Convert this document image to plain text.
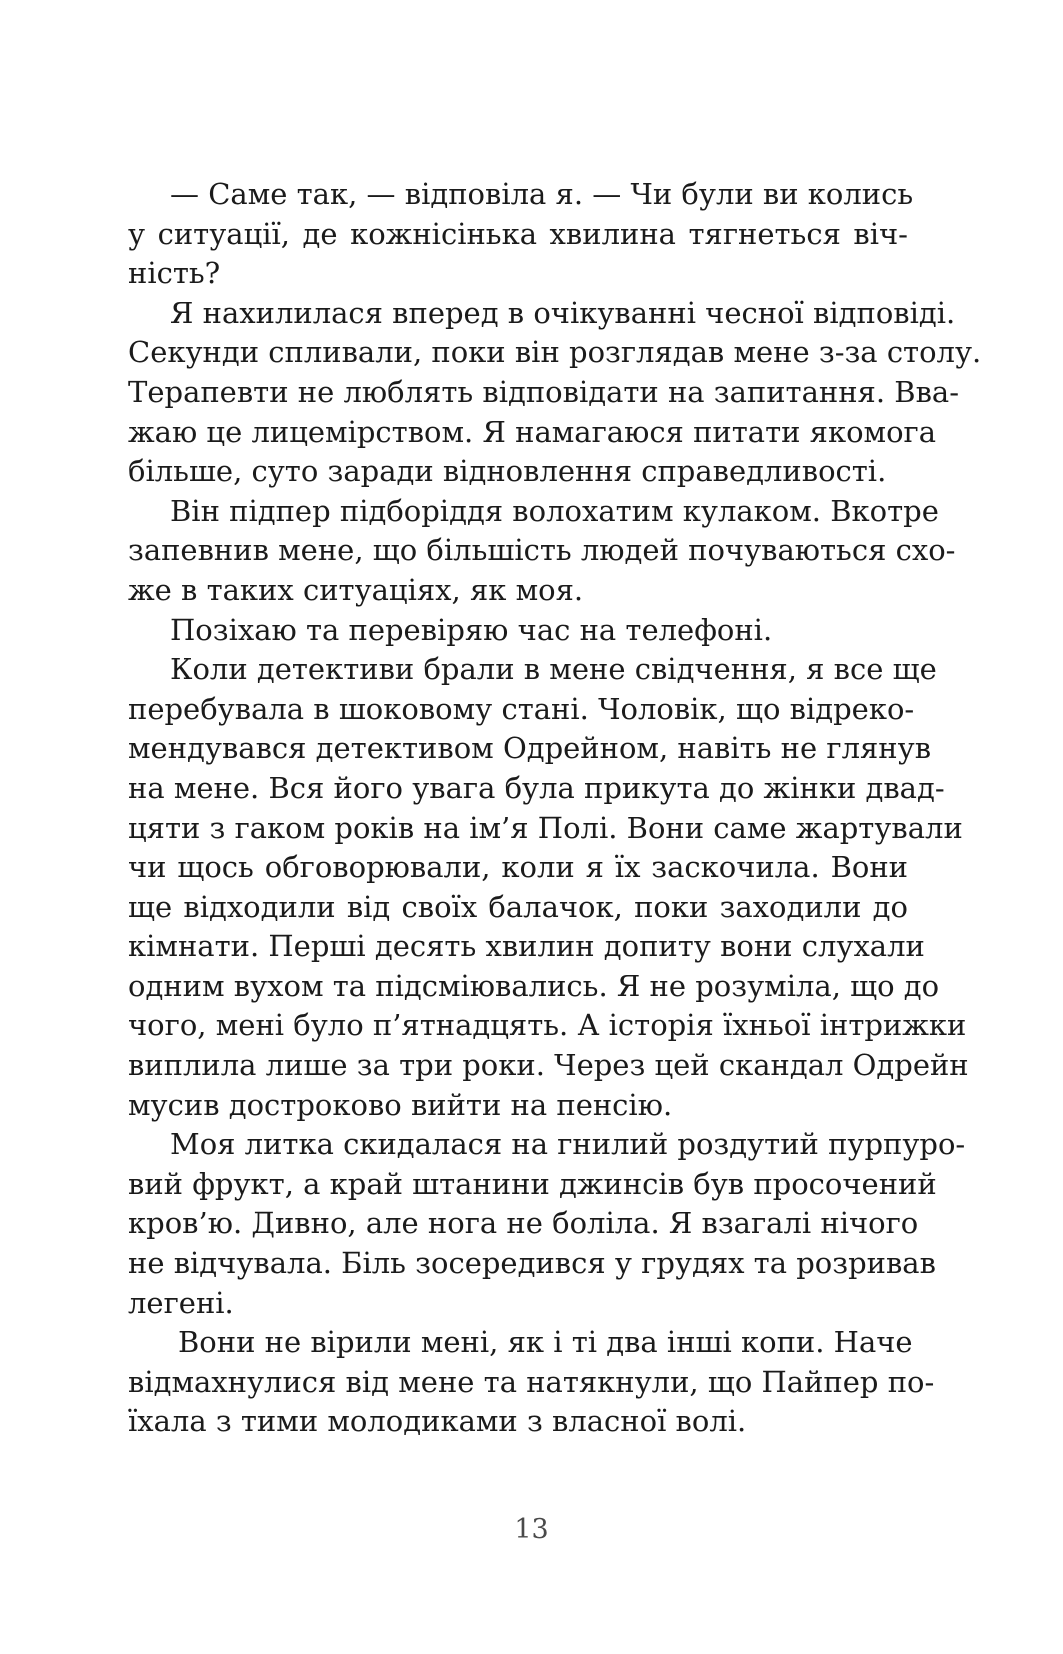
— Саме так, — відповіла я. — Чи були ви колись
у ситуації, де кожнісінька хвилина тягнеться віч-
ність?
Я нахилилася вперед в очікуванні чесної відповіді.
Секунди спливали, поки він розглядав мене з-за столу.
Терапевти не люблять відповідати на запитання. Вва-
жаю це лицемірством. Я намагаюся питати якомога
більше, суто заради відновлення справедливості.
Він підпер підборіддя волохатим кулаком. Вкотре
запевнив мене, що більшість людей почуваються схо-
же в таких ситуаціях, як моя.
Позіхаю та перевіряю час на телефоні.
Коли детективи брали в мене свідчення, я все ще
перебувала в шоковому стані. Чоловік, що відреко-
мендувався детективом Одрейном, навіть не глянув
на мене. Вся його увага була прикута до жінки двад-
цяти з гаком років на ім’я Полі. Вони саме жартували
чи щось обговорювали, коли я їх заскочила. Вони
ще відходили від своїх балачок, поки заходили до
кімнати. Перші десять хвилин допиту вони слухали
одним вухом та підсміювались. Я не розуміла, що до
чого, мені було п’ятнадцять. А історія їхньої інтрижки
виплила лише за три роки. Через цей скандал Одрейн
мусив достроково вийти на пенсію.
Моя литка скидалася на гнилий роздутий пурпуро-
вий фрукт, а край штанини джинсів був просочений
кров’ю. Дивно, але нога не боліла. Я взагалі нічого
не відчувала. Біль зосередився у грудях та розривав
легені.
Вони не вірили мені, як і ті два інші копи. Наче
відмахнулися від мене та натякнули, що Пайпер по-
їхала з тими молодиками з власної волі.
13
